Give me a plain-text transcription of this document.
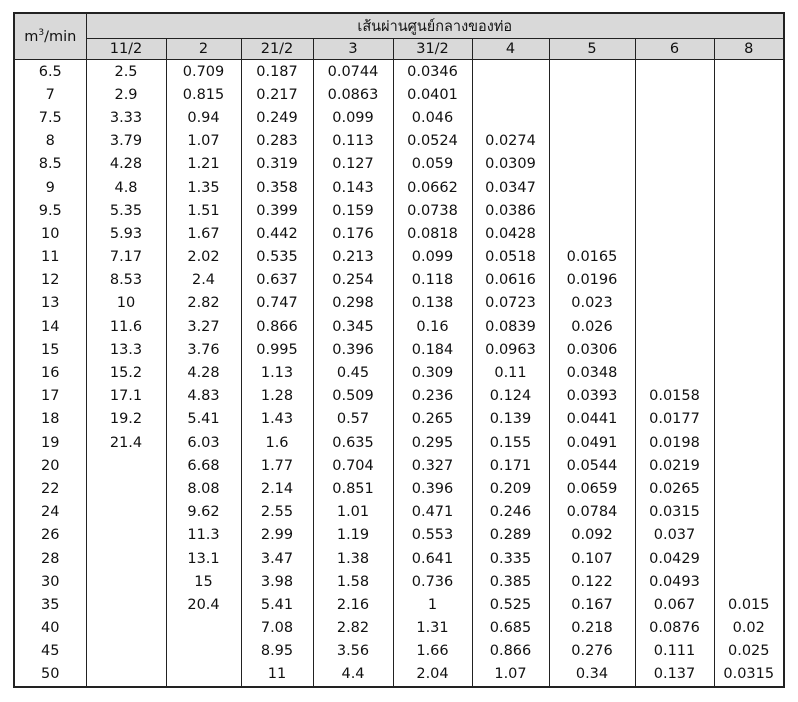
$m^3/\min$	เส้นผ่านศูนย์กลางของท่อ								
	11/2	2	21/2	3	31/2	4	5	6	8
6.5	2.5	0.709	0.187	0.0744	0.0346				
7	2.9	0.815	0.217	0.0863	0.0401				
7.5	3.33	0.94	0.249	0.099	0.046				
8	3.79	1.07	0.283	0.113	0.0524	0.0274			
8.5	4.28	1.21	0.319	0.127	0.059	0.0309			
9	4.8	1.35	0.358	0.143	0.0662	0.0347			
9.5	5.35	1.51	0.399	0.159	0.0738	0.0386			
10	5.93	1.67	0.442	0.176	0.0818	0.0428			
11	7.17	2.02	0.535	0.213	0.099	0.0518	0.0165		
12	8.53	2.4	0.637	0.254	0.118	0.0616	0.0196		
13	10	2.82	0.747	0.298	0.138	0.0723	0.023		
14	11.6	3.27	0.866	0.345	0.16	0.0839	0.026		
15	13.3	3.76	0.995	0.396	0.184	0.0963	0.0306		
16	15.2	4.28	1.13	0.45	0.309	0.11	0.0348		
17	17.1	4.83	1.28	0.509	0.236	0.124	0.0393	0.0158	
18	19.2	5.41	1.43	0.57	0.265	0.139	0.0441	0.0177	
19	21.4	6.03	1.6	0.635	0.295	0.155	0.0491	0.0198	
20		6.68	1.77	0.704	0.327	0.171	0.0544	0.0219	
22		8.08	2.14	0.851	0.396	0.209	0.0659	0.0265	
24		9.62	2.55	1.01	0.471	0.246	0.0784	0.0315	
26		11.3	2.99	1.19	0.553	0.289	0.092	0.037	
28		13.1	3.47	1.38	0.641	0.335	0.107	0.0429	
30		15	3.98	1.58	0.736	0.385	0.122	0.0493	
35		20.4	5.41	2.16	1	0.525	0.167	0.067	0.015
40			7.08	2.82	1.31	0.685	0.218	0.0876	0.02
45			8.95	3.56	1.66	0.866	0.276	0.111	0.025
50			11	4.4	2.04	1.07	0.34	0.137	0.0315
